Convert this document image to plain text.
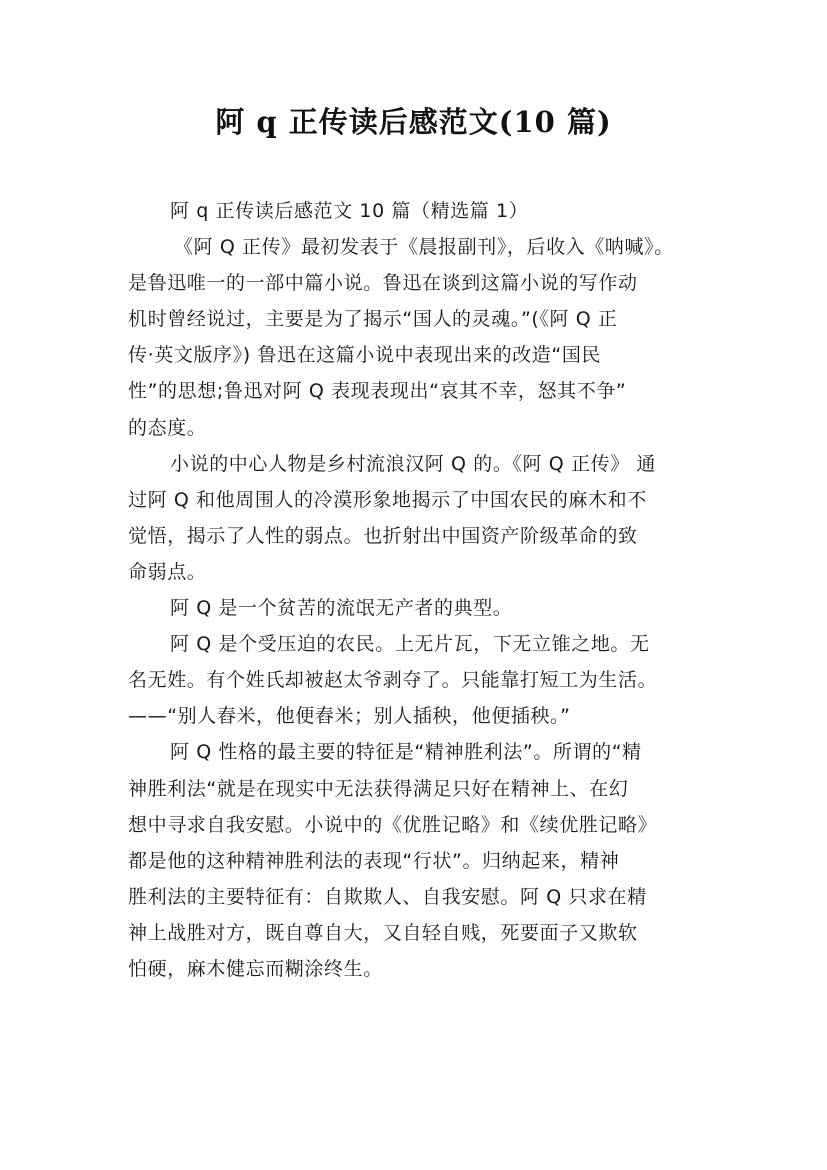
阿 q 正传读后感范文(10 篇)
阿 q 正传读后感范文 10 篇（精选篇 1）
《阿 Q 正传》最初发表于《晨报副刊》，后收入《呐喊》。
是鲁迅唯一的一部中篇小说。鲁迅在谈到这篇小说的写作动
机时曾经说过，主要是为了揭示“国人的灵魂。”(《阿 Q 正
传·英文版序》) 鲁迅在这篇小说中表现出来的改造“国民
性”的思想;鲁迅对阿 Q 表现表现出“哀其不幸，怒其不争”
的态度。
小说的中心人物是乡村流浪汉阿 Q 的。《阿 Q 正传》 通
过阿 Q 和他周围人的冷漠形象地揭示了中国农民的麻木和不
觉悟，揭示了人性的弱点。也折射出中国资产阶级革命的致
命弱点。
阿 Q 是一个贫苦的流氓无产者的典型。
阿 Q 是个受压迫的农民。上无片瓦，下无立锥之地。无
名无姓。有个姓氏却被赵太爷剥夺了。只能靠打短工为生活。
——“别人舂米，他便舂米；别人插秧，他便插秧。”
阿 Q 性格的最主要的特征是“精神胜利法”。所谓的“精
神胜利法“就是在现实中无法获得满足只好在精神上、在幻
想中寻求自我安慰。小说中的《优胜记略》和《续优胜记略》
都是他的这种精神胜利法的表现“行状”。归纳起来，精神
胜利法的主要特征有：自欺欺人、自我安慰。阿 Q 只求在精
神上战胜对方，既自尊自大，又自轻自贱，死要面子又欺软
怕硬，麻木健忘而糊涂终生。
